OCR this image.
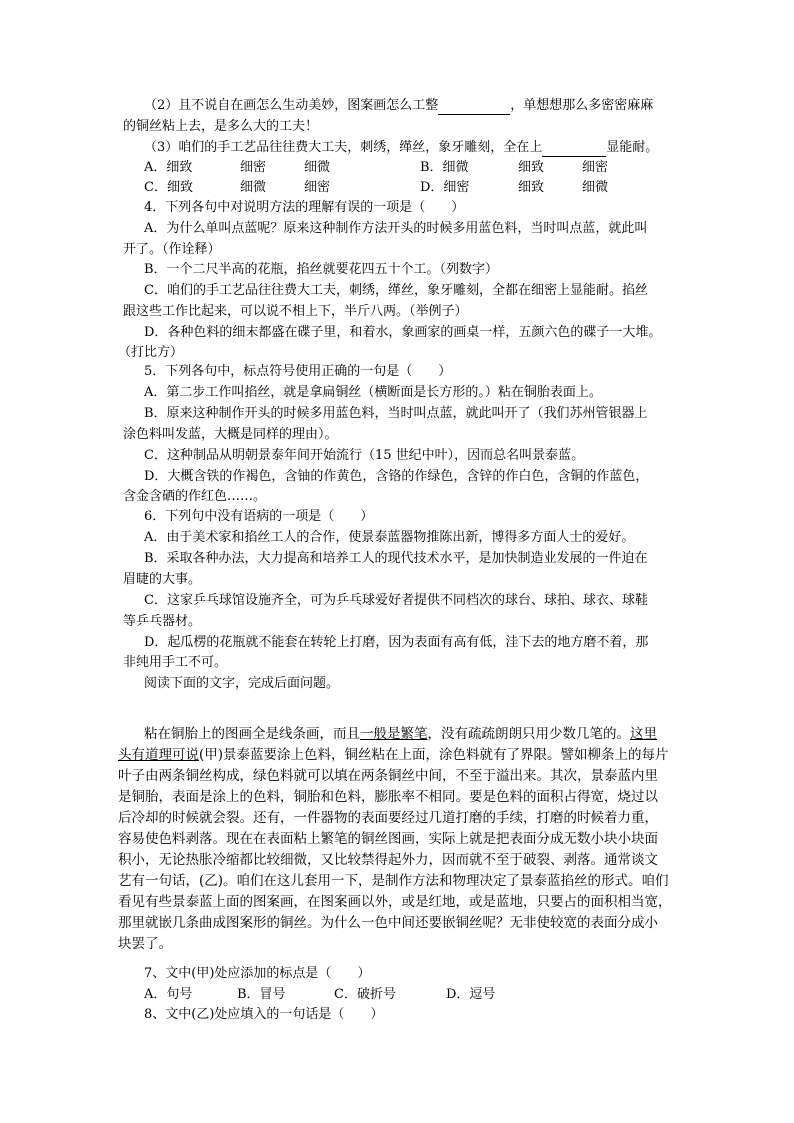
（2）且不说自在画怎么生动美妙，图案画怎么工整	，单想想那么多密密麻麻
的铜丝粘上去，是多么大的工夫！
（3）咱们的手工艺品往往费大工夫，刺绣，缂丝，象牙雕刻，全在上	显能耐。
A．细致	细密	细微	B．细微	细致	细密
C．细致	细微	细密	D．细密	细致	细微
4．下列各句中对说明方法的理解有误的一项是（　　）
A．为什么单叫点蓝呢？原来这种制作方法开头的时候多用蓝色料，当时叫点蓝，就此叫
开了。（作诠释）
B．一个二尺半高的花瓶，掐丝就要花四五十个工。（列数字）
C．咱们的手工艺品往往费大工夫，刺绣，缂丝，象牙雕刻，全都在细密上显能耐。掐丝
跟这些工作比起来，可以说不相上下，半斤八两。（举例子）
D．各种色料的细末都盛在碟子里，和着水，象画家的画桌一样，五颜六色的碟子一大堆。
（打比方）
5．下列各句中，标点符号使用正确的一句是（　　）
A．第二步工作叫掐丝，就是拿扁铜丝（横断面是长方形的。）粘在铜胎表面上。
B．原来这种制作开头的时候多用蓝色料，当时叫点蓝，就此叫开了（我们苏州管银器上
涂色料叫发蓝，大概是同样的理由）。
C．这种制品从明朝景泰年间开始流行（15 世纪中叶），因而总名叫景泰蓝。
D．大概含铁的作褐色，含铀的作黄色，含铬的作绿色，含锌的作白色，含铜的作蓝色，
含金含硒的作红色……。
6．下列句中没有语病的一项是（　　）
A．由于美术家和掐丝工人的合作，使景泰蓝器物推陈出新，博得多方面人士的爱好。
B．采取各种办法，大力提高和培养工人的现代技术水平，是加快制造业发展的一件迫在
眉睫的大事。
C．这家乒乓球馆设施齐全，可为乒乓球爱好者提供不同档次的球台、球拍、球衣、球鞋
等乒乓器材。
D．起瓜楞的花瓶就不能套在转轮上打磨，因为表面有高有低，洼下去的地方磨不着，那
非纯用手工不可。
阅读下面的文字，完成后面问题。
粘在铜胎上的图画全是线条画，而且一般是繁笔，没有疏疏朗朗只用少数几笔的。这里
头有道理可说(甲)景泰蓝要涂上色料，铜丝粘在上面，涂色料就有了界限。譬如柳条上的每片
叶子由两条铜丝构成，绿色料就可以填在两条铜丝中间，不至于溢出来。其次，景泰蓝内里
是铜胎，表面是涂上的色料，铜胎和色料，膨胀率不相同。要是色料的面积占得宽，烧过以
后冷却的时候就会裂。还有，一件器物的表面要经过几道打磨的手续，打磨的时候着力重，
容易使色料剥落。现在在表面粘上繁笔的铜丝图画，实际上就是把表面分成无数小块小块面
积小，无论热胀冷缩都比较细微，又比较禁得起外力，因而就不至于破裂、剥落。通常谈文
艺有一句话，(乙)。咱们在这儿套用一下，是制作方法和物理决定了景泰蓝掐丝的形式。咱们
看见有些景泰蓝上面的图案画，在图案画以外，或是红地，或是蓝地，只要占的面积相当宽，
那里就嵌几条曲成图案形的铜丝。为什么一色中间还要嵌铜丝呢？无非使较宽的表面分成小
块罢了。
7、文中(甲)处应添加的标点是（　　）
A．句号	B．冒号	C．破折号	D．逗号
8、文中(乙)处应填入的一句话是（　　）
